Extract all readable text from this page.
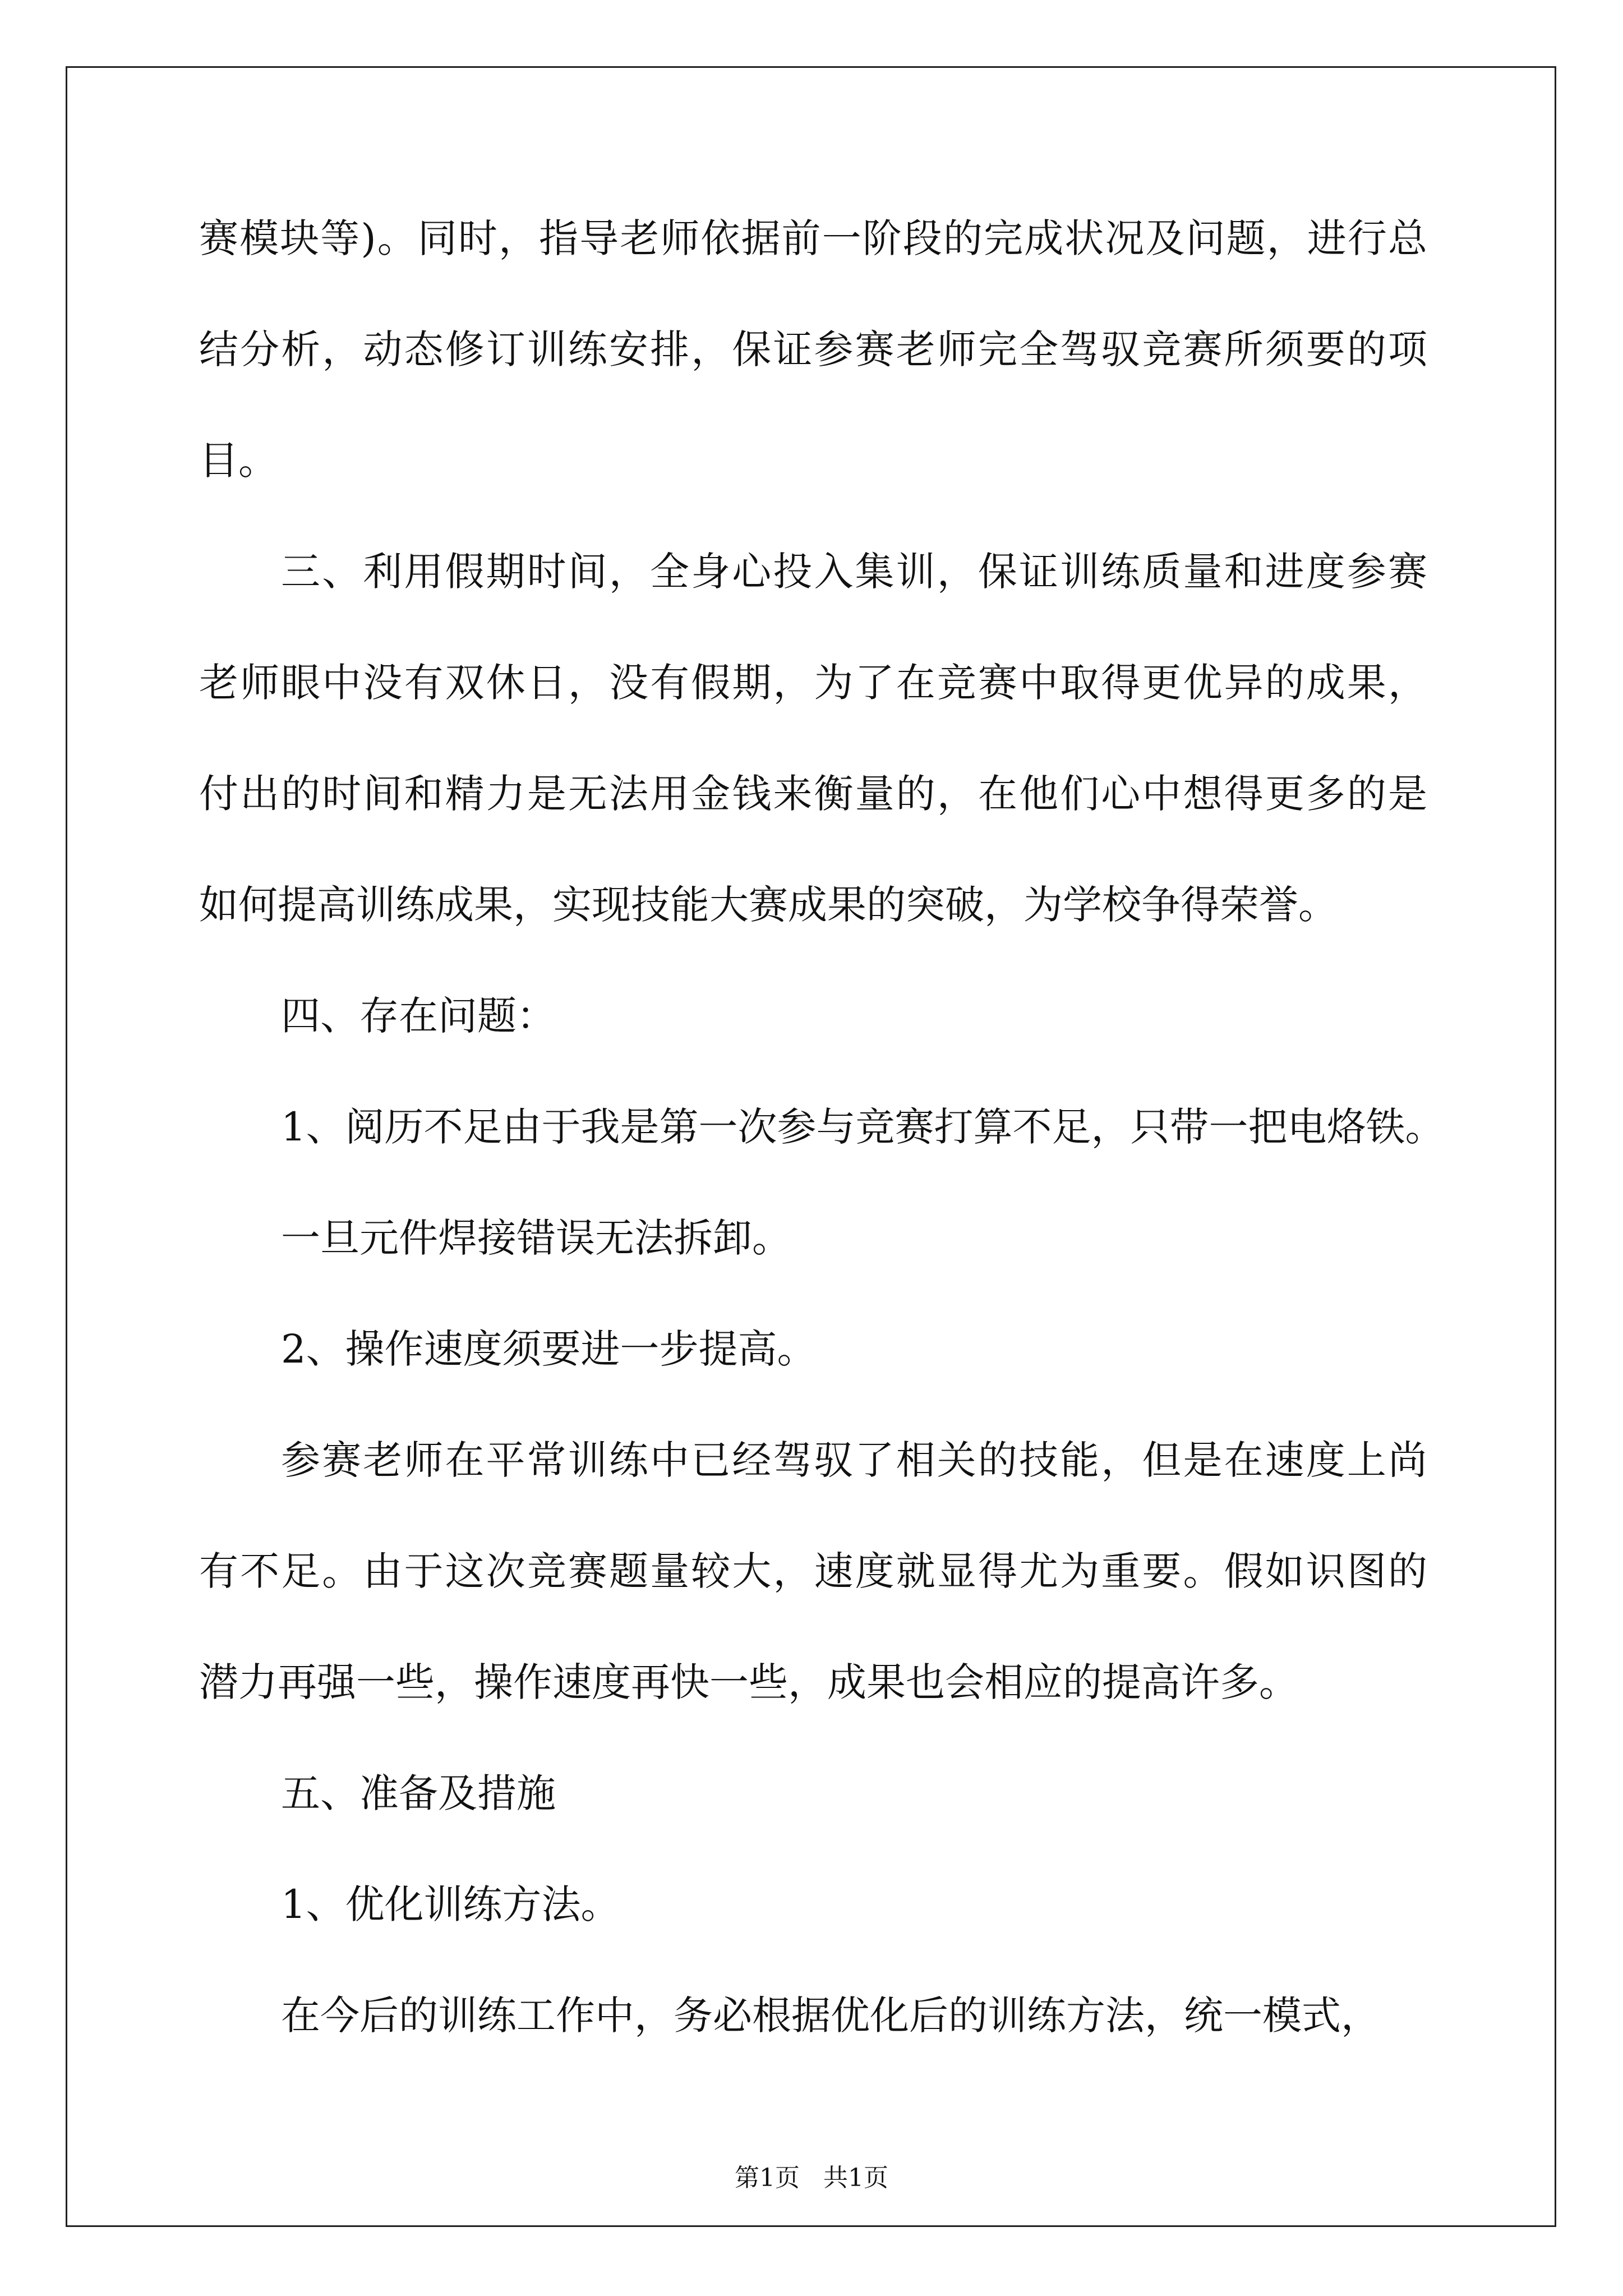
赛模块等)。同时，指导老师依据前一阶段的完成状况及问题，进行总
结分析，动态修订训练安排，保证参赛老师完全驾驭竞赛所须要的项
目。
三、利用假期时间，全身心投入集训，保证训练质量和进度参赛
老师眼中没有双休日，没有假期，为了在竞赛中取得更优异的成果，
付出的时间和精力是无法用金钱来衡量的，在他们心中想得更多的是
如何提高训练成果，实现技能大赛成果的突破，为学校争得荣誉。
四、存在问题：
1、阅历不足由于我是第一次参与竞赛打算不足，只带一把电烙铁。
一旦元件焊接错误无法拆卸。
2、操作速度须要进一步提高。
参赛老师在平常训练中已经驾驭了相关的技能，但是在速度上尚
有不足。由于这次竞赛题量较大，速度就显得尤为重要。假如识图的
潜力再强一些，操作速度再快一些，成果也会相应的提高许多。
五、准备及措施
1、优化训练方法。
在今后的训练工作中，务必根据优化后的训练方法，统一模式，
第1页   共1页
